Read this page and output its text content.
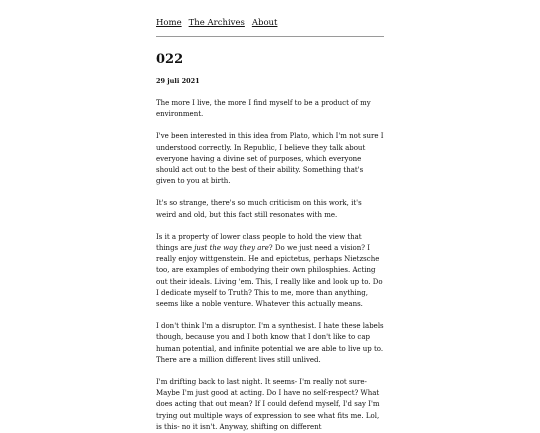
Home The Archives About
022
29 juli 2021

The more I live, the more I find myself to be a product of my environment.

I've been interested in this idea from Plato, which I'm not sure I understood correctly. In Republic, I believe they talk about everyone having a divine set of purposes, which everyone should act out to the best of their ability. Something that's given to you at birth.

It's so strange, there's so much criticism on this work, it's weird and old, but this fact still resonates with me.

Is it a property of lower class people to hold the view that things are just the way they are? Do we just need a vision? I really enjoy wittgenstein. He and epictetus, perhaps Nietzsche too, are examples of embodying their own philosphies. Acting out their ideals. Living 'em. This, I really like and look up to. Do I dedicate myself to Truth? This to me, more than anything, seems like a noble venture. Whatever this actually means.

I don't think I'm a disruptor. I'm a synthesist. I hate these labels though, because you and I both know that I don't like to cap human potential, and infinite potential we are able to live up to. There are a million different lives still unlived.

I'm drifting back to last night. It seems- I'm really not sure- Maybe I'm just good at acting. Do I have no self-respect? What does acting that out mean? If I could defend myself, I'd say I'm trying out multiple ways of expression to see what fits me. Lol, is this- no it isn't. Anyway, shifting on different
